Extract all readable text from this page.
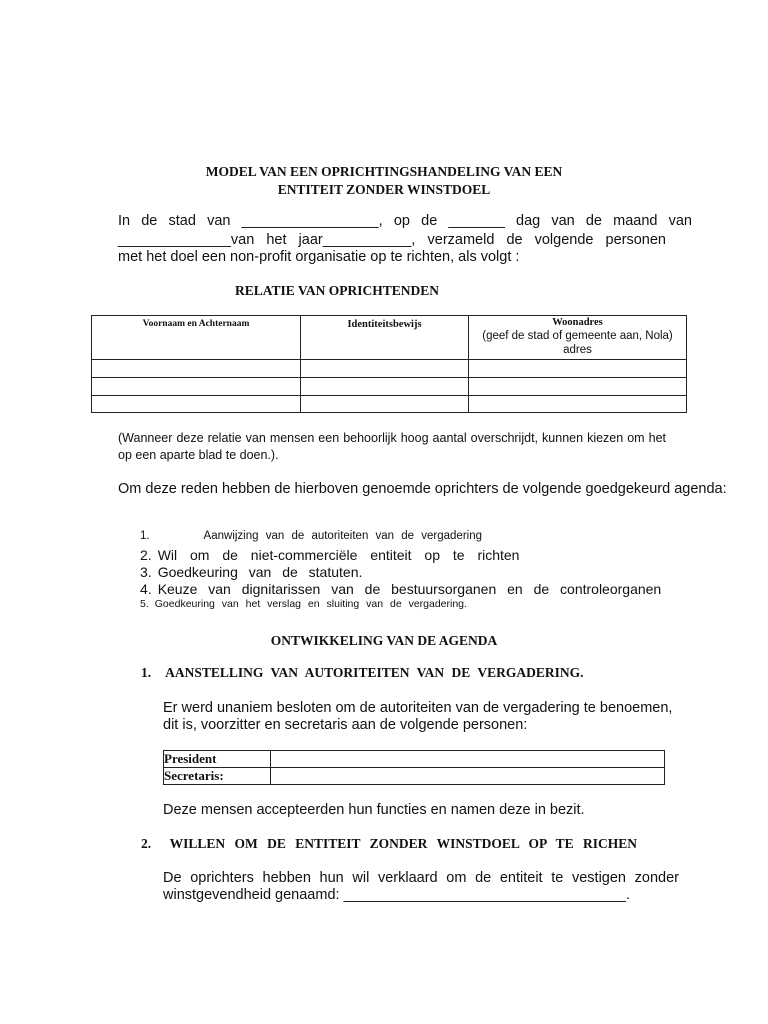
MODEL VAN EEN OPRICHTINGSHANDELING VAN EEN
ENTITEIT ZONDER WINSTDOEL
In de stad van _________________, op de _______ dag van de maand van
______________van het jaar___________, verzameld de volgende personen
met het doel een non-profit organisatie op te richten, als volgt :
RELATIE VAN OPRICHTENDEN
Voornaam en Achternaam	Identiteitsbewijs	Woonadres
(geef de stad of gemeente aan, Nola)
adres

(Wanneer deze relatie van mensen een behoorlijk hoog aantal overschrijdt, kunnen kiezen om het op een aparte blad te doen.).
Om deze reden hebben de hierboven genoemde oprichters de volgende goedgekeurd agenda:
1.	Aanwijzing van de autoriteiten van de vergadering
2. Wil om de niet-commerciële entiteit op te richten
3. Goedkeuring van de statuten.
4. Keuze van dignitarissen van de bestuursorganen en de controleorganen
5. Goedkeuring van het verslag en sluiting van de vergadering.
ONTWIKKELING VAN DE AGENDA
1.  AANSTELLING VAN AUTORITEITEN VAN DE VERGADERING.
Er werd unaniem besloten om de autoriteiten van de vergadering te benoemen,
dit is, voorzitter en secretaris aan de volgende personen:
President	
Secretaris:	
Deze mensen accepteerden hun functies en namen deze in bezit.
2.  WILLEN OM DE ENTITEIT ZONDER WINSTDOEL OP TE RICHEN
De oprichters hebben hun wil verklaard om de entiteit te vestigen zonder
winstgevendheid genaamd: ___________________________________.
